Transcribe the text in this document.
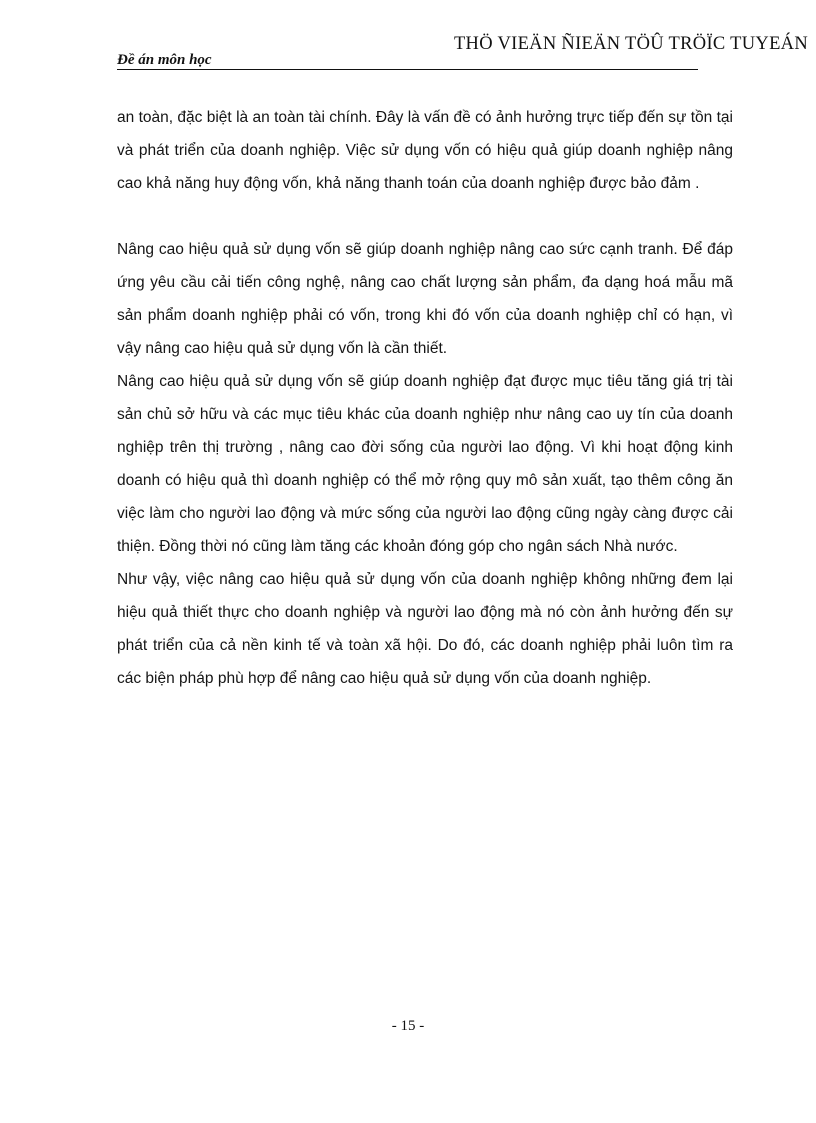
THÖ VIEÄN ÑIEÄN TÖÛ TRÖÏC TUYEÁN
Đề án môn học

an toàn, đặc biệt là an toàn tài chính. Đây là vấn đề có ảnh hưởng trực tiếp đến sự tồn tại và phát triển của doanh nghiệp. Việc sử dụng vốn có hiệu quả giúp doanh nghiệp nâng cao khả năng huy động vốn, khả năng thanh toán của doanh nghiệp được bảo đảm .

Nâng cao hiệu quả sử dụng vốn sẽ giúp doanh nghiệp nâng cao sức cạnh tranh. Để đáp ứng yêu cầu cải tiến công nghệ, nâng cao chất lượng sản phẩm, đa dạng hoá mẫu mã sản phẩm doanh nghiệp phải có vốn, trong khi đó vốn của doanh nghiệp chỉ có hạn, vì vậy nâng cao hiệu quả sử dụng vốn là cần thiết.

Nâng cao hiệu quả sử dụng vốn sẽ giúp doanh nghiệp đạt được mục tiêu tăng giá trị tài sản chủ sở hữu và các mục tiêu khác của doanh nghiệp như nâng cao uy tín của doanh nghiệp trên thị trường , nâng cao đời sống của người lao động. Vì khi hoạt động kinh doanh có hiệu quả thì doanh nghiệp có thể mở rộng quy mô sản xuất, tạo thêm công ăn việc làm cho người lao động và mức sống của người lao động cũng ngày càng được cải thiện. Đồng thời nó cũng làm tăng các khoản đóng góp cho ngân sách Nhà nước.

Như vậy, việc nâng cao hiệu quả sử dụng vốn của doanh nghiệp không những đem lại hiệu quả thiết thực cho doanh nghiệp và người lao động mà nó còn ảnh hưởng đến sự phát triển của cả nền kinh tế và toàn xã hội. Do đó, các doanh nghiệp phải luôn tìm ra các biện pháp phù hợp để nâng cao hiệu quả sử dụng vốn của doanh nghiệp.

- 15 -
